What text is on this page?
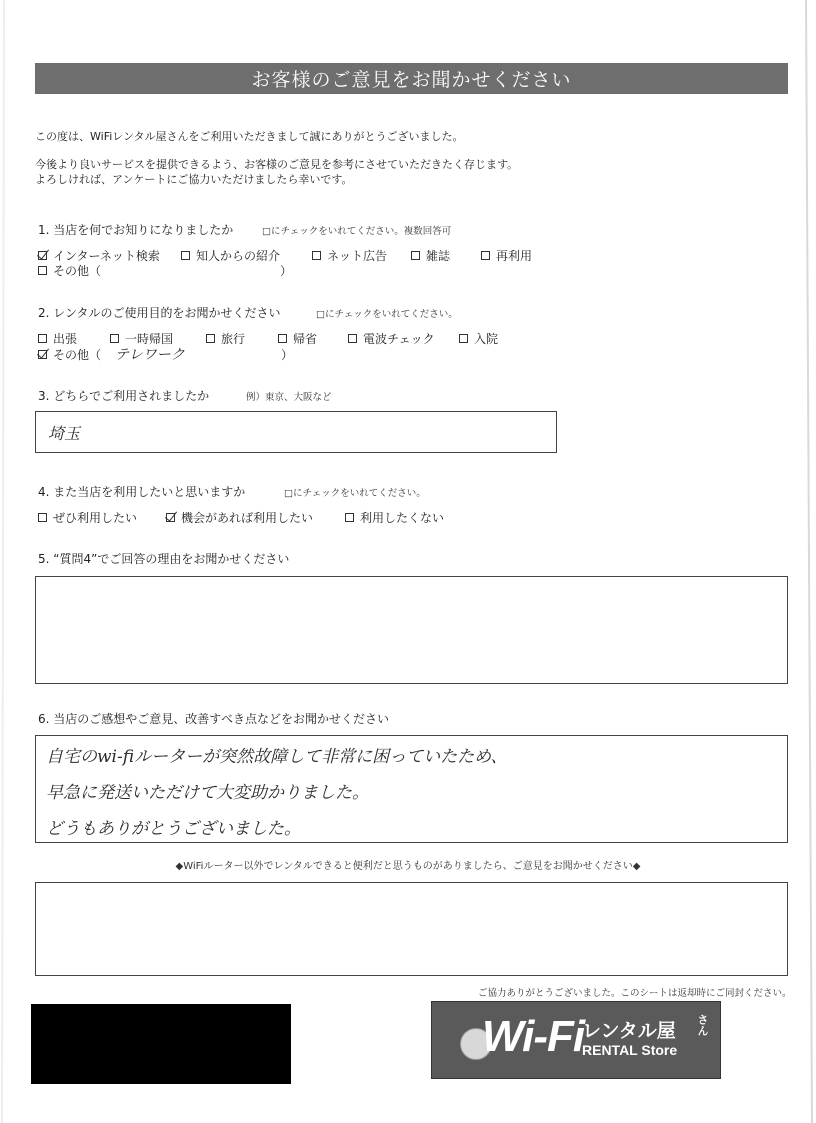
お客様のご意見をお聞かせください
この度は、WiFiレンタル屋さんをご利用いただきまして誠にありがとうございました。
今後より良いサービスを提供できるよう、お客様のご意見を参考にさせていただきたく存じます。
よろしければ、アンケートにご協力いただけましたら幸いです。
1. 当店を何でお知りになりましたか	□にチェックをいれてください。複数回答可
インターネット検索	知人からの紹介	ネット広告	雑誌	再利用
その他（	）
2. レンタルのご使用目的をお聞かせください	□にチェックをいれてください。
出張	一時帰国	旅行	帰省	電波チェック	入院
その他（ テレワーク	）
3. どちらでご利用されましたか	例）東京、大阪など
埼玉
4. また当店を利用したいと思いますか	□にチェックをいれてください。
ぜひ利用したい	機会があれば利用したい	利用したくない
5. “質問4”でご回答の理由をお聞かせください
6. 当店のご感想やご意見、改善すべき点などをお聞かせください
自宅のwi-fiルーターが突然故障して非常に困っていたため、
早急に発送いただけて大変助かりました。
どうもありがとうございました。
◆WiFiルーター以外でレンタルできると便利だと思うものがありましたら、ご意見をお聞かせください◆
ご協力ありがとうございました。このシートは返却時にご同封ください。
Wi-Fi
レンタル屋 さん
RENTAL Store
